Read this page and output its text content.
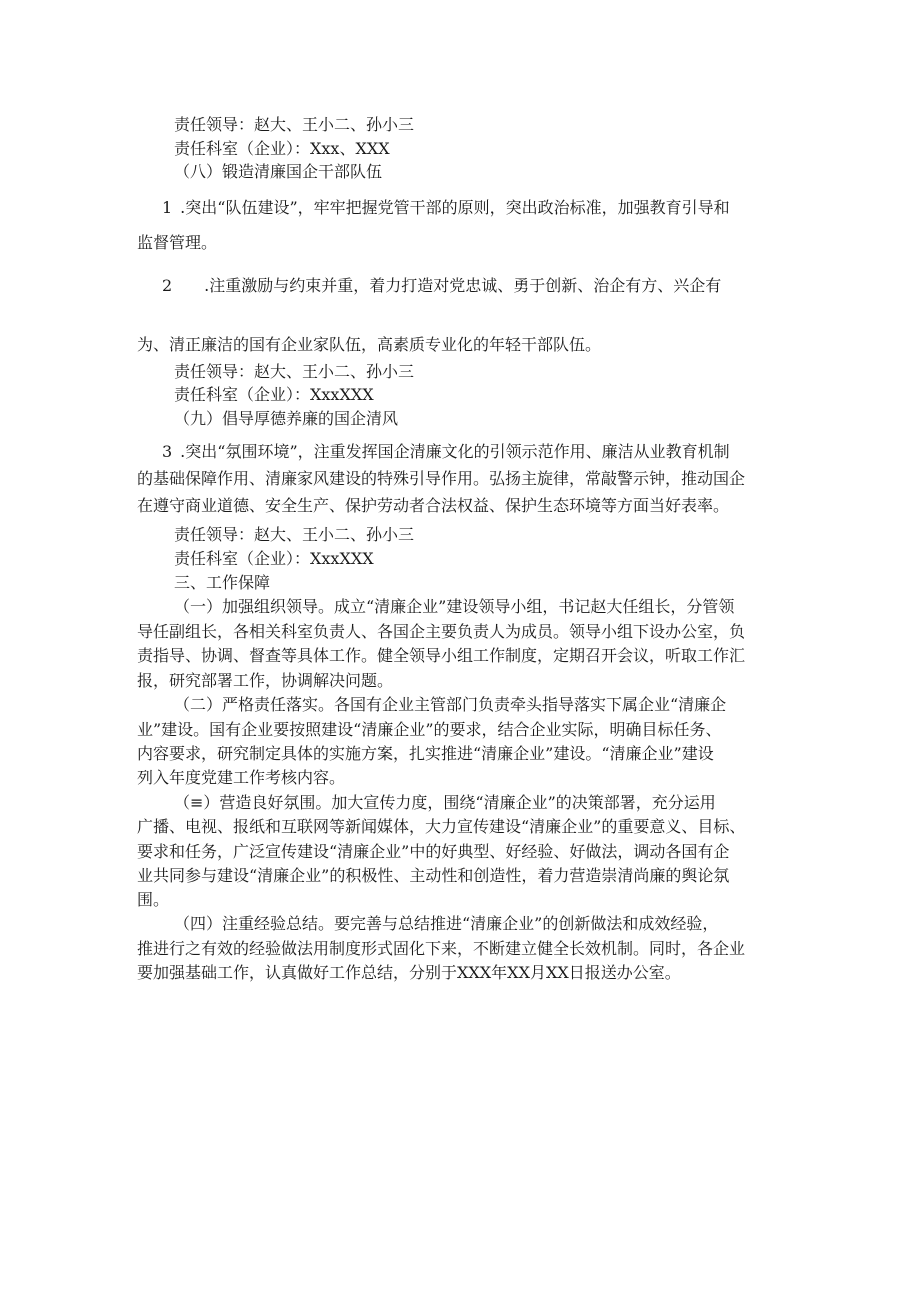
责任领导：赵大、王小二、孙小三
责任科室（企业）：Xxx、XXX
（八）锻造清廉国企干部队伍
1 .突出“队伍建设”，牢牢把握党管干部的原则，突出政治标准，加强教育引导和
监督管理。
2  .注重激励与约束并重，着力打造对党忠诚、勇于创新、治企有方、兴企有
为、清正廉洁的国有企业家队伍，高素质专业化的年轻干部队伍。
责任领导：赵大、王小二、孙小三
责任科室（企业）：XxxXXX
（九）倡导厚德养廉的国企清风
3 .突出“氛围环境”，注重发挥国企清廉文化的引领示范作用、廉洁从业教育机制
的基础保障作用、清廉家风建设的特殊引导作用。弘扬主旋律，常敲警示钟，推动国企
在遵守商业道德、安全生产、保护劳动者合法权益、保护生态环境等方面当好表率。
责任领导：赵大、王小二、孙小三
责任科室（企业）：XxxXXX
三、工作保障
（一）加强组织领导。成立“清廉企业”建设领导小组，书记赵大任组长，分管领
导任副组长，各相关科室负责人、各国企主要负责人为成员。领导小组下设办公室，负
责指导、协调、督查等具体工作。健全领导小组工作制度，定期召开会议，听取工作汇
报，研究部署工作，协调解决问题。
（二）严格责任落实。各国有企业主管部门负责牵头指导落实下属企业“清廉企
业”建设。国有企业要按照建设“清廉企业”的要求，结合企业实际，明确目标任务、
内容要求，研究制定具体的实施方案，扎实推进“清廉企业”建设。“清廉企业”建设
列入年度党建工作考核内容。
（≡）营造良好氛围。加大宣传力度，围绕“清廉企业”的决策部署，充分运用
广播、电视、报纸和互联网等新闻媒体，大力宣传建设“清廉企业”的重要意义、目标、
要求和任务，广泛宣传建设“清廉企业”中的好典型、好经验、好做法，调动各国有企
业共同参与建设“清廉企业”的积极性、主动性和创造性，着力营造崇清尚廉的舆论氛
围。
（四）注重经验总结。要完善与总结推进“清廉企业”的创新做法和成效经验，
推进行之有效的经验做法用制度形式固化下来，不断建立健全长效机制。同时，各企业
要加强基础工作，认真做好工作总结，分别于XXX年XX月XX日报送办公室。
